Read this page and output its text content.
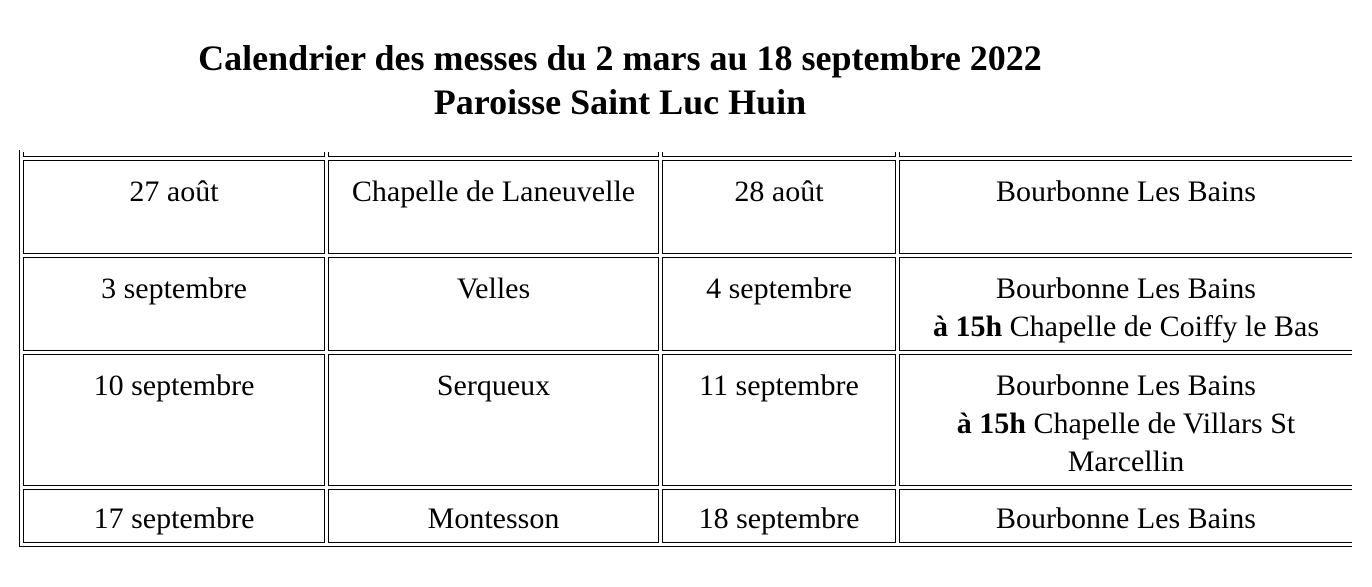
Calendrier des messes du 2 mars au 18 septembre 2022
Paroisse Saint Luc Huin

27 août	Chapelle de Laneuvelle	28 août	Bourbonne Les Bains
3 septembre	Velles	4 septembre	Bourbonne Les Bains
à 15h Chapelle de Coiffy le Bas

10 septembre	Serqueux	11 septembre	Bourbonne Les Bains
à 15h Chapelle de Villars St
Marcellin

17 septembre	Montesson	18 septembre	Bourbonne Les Bains
